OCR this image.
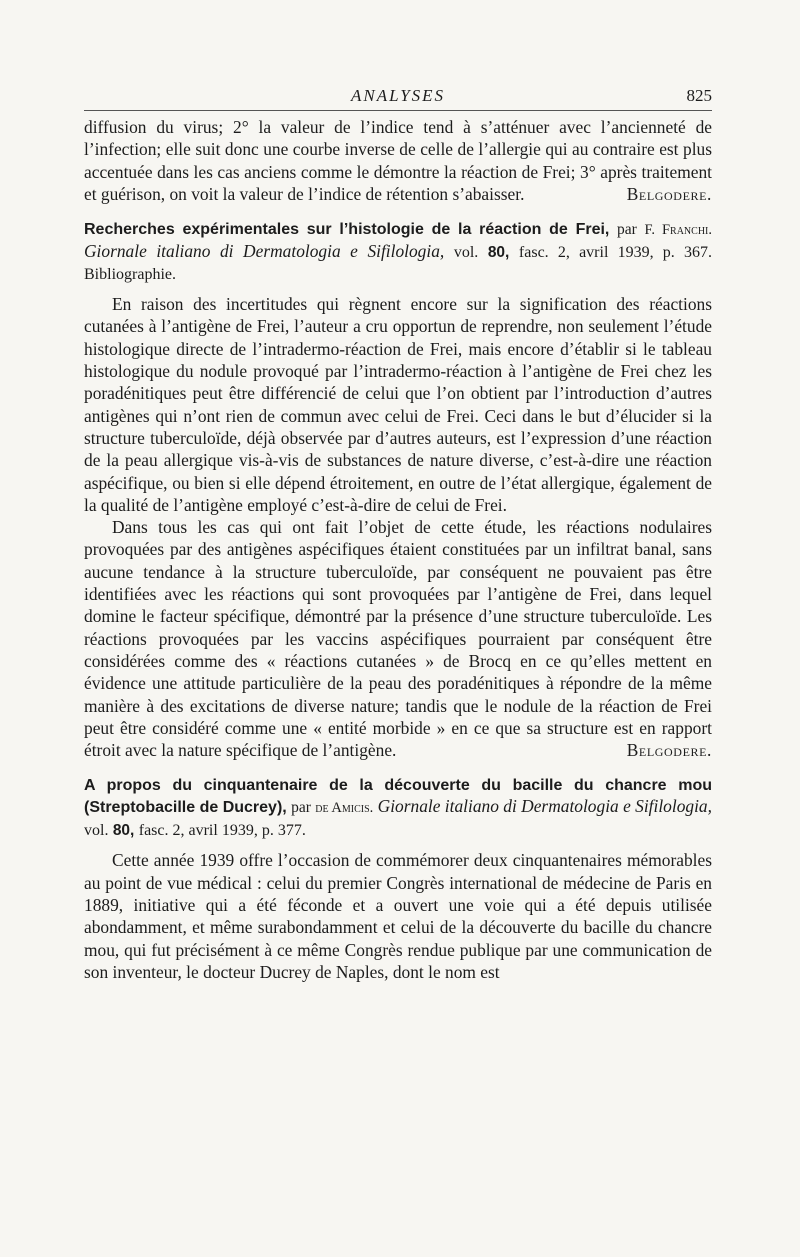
ANALYSES	825

diffusion du virus; 2° la valeur de l’indice tend à s’atténuer avec l’ancienneté de l’infection; elle suit donc une courbe inverse de celle de l’allergie qui au contraire est plus accentuée dans les cas anciens comme le démontre la réaction de Frei; 3° après traitement et guérison, on voit la valeur de l’indice de rétention s’abaisser.	Belgodere.

Recherches expérimentales sur l’histologie de la réaction de Frei, par F. Franchi. Giornale italiano di Dermatologia e Sifilologia, vol. 80, fasc. 2, avril 1939, p. 367. Bibliographie.

En raison des incertitudes qui règnent encore sur la signification des réactions cutanées à l’antigène de Frei, l’auteur a cru opportun de reprendre, non seulement l’étude histologique directe de l’intradermo-réaction de Frei, mais encore d’établir si le tableau histologique du nodule provoqué par l’intradermo-réaction à l’antigène de Frei chez les poradénitiques peut être différencié de celui que l’on obtient par l’introduction d’autres antigènes qui n’ont rien de commun avec celui de Frei. Ceci dans le but d’élucider si la structure tuberculoïde, déjà observée par d’autres auteurs, est l’expression d’une réaction de la peau allergique vis-à-vis de substances de nature diverse, c’est-à-dire une réaction aspécifique, ou bien si elle dépend étroitement, en outre de l’état allergique, également de la qualité de l’antigène employé c’est-à-dire de celui de Frei.

Dans tous les cas qui ont fait l’objet de cette étude, les réactions nodulaires provoquées par des antigènes aspécifiques étaient constituées par un infiltrat banal, sans aucune tendance à la structure tuberculoïde, par conséquent ne pouvaient pas être identifiées avec les réactions qui sont provoquées par l’antigène de Frei, dans lequel domine le facteur spécifique, démontré par la présence d’une structure tuberculoïde. Les réactions provoquées par les vaccins aspécifiques pourraient par conséquent être considérées comme des « réactions cutanées » de Brocq en ce qu’elles mettent en évidence une attitude particulière de la peau des poradénitiques à répondre de la même manière à des excitations de diverse nature; tandis que le nodule de la réaction de Frei peut être considéré comme une « entité morbide » en ce que sa structure est en rapport étroit avec la nature spécifique de l’antigène.	Belgodere.

A propos du cinquantenaire de la découverte du bacille du chancre mou (Streptobacille de Ducrey), par de Amicis. Giornale italiano di Dermatologia e Sifilologia, vol. 80, fasc. 2, avril 1939, p. 377.

Cette année 1939 offre l’occasion de commémorer deux cinquantenaires mémorables au point de vue médical : celui du premier Congrès international de médecine de Paris en 1889, initiative qui a été féconde et a ouvert une voie qui a été depuis utilisée abondamment, et même surabondamment et celui de la découverte du bacille du chancre mou, qui fut précisément à ce même Congrès rendue publique par une communication de son inventeur, le docteur Ducrey de Naples, dont le nom est
